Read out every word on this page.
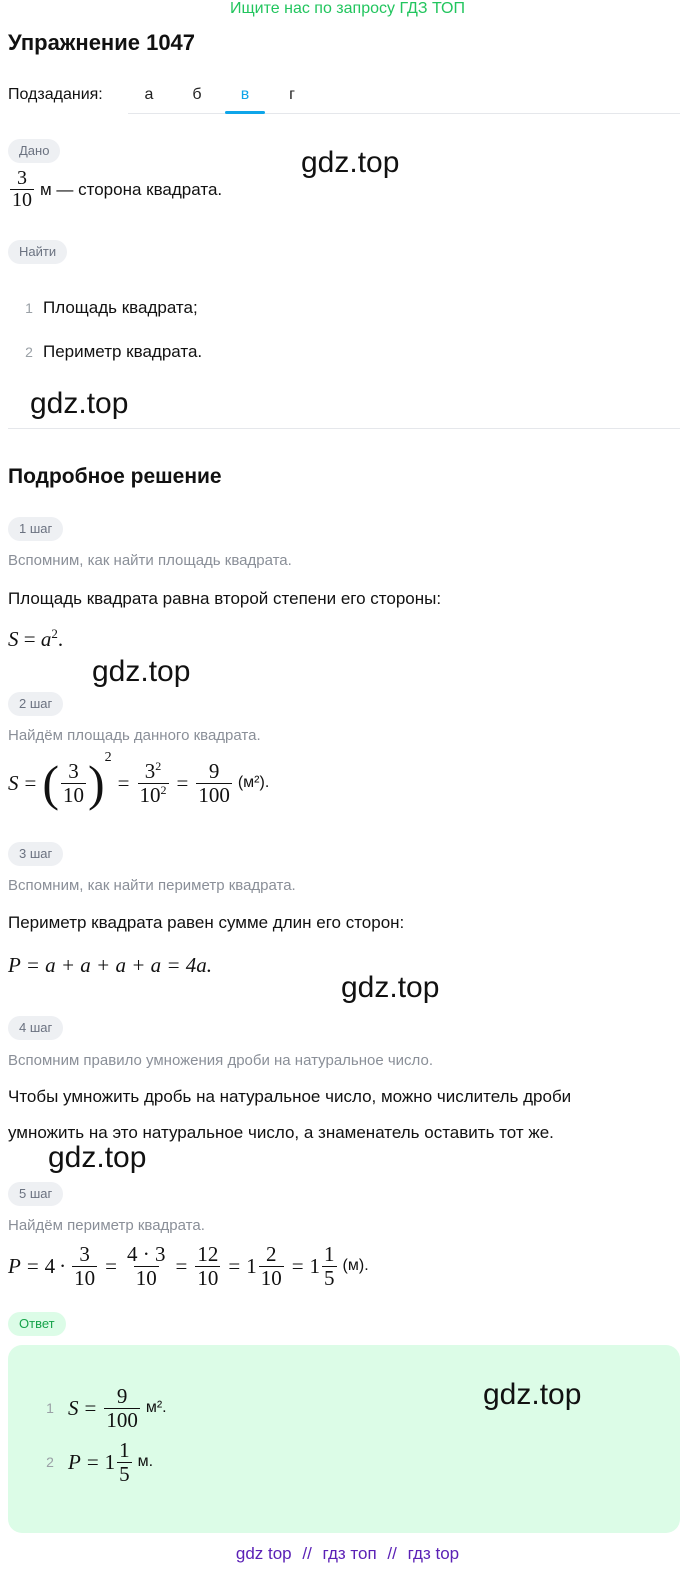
Ищите нас по запросу ГДЗ ТОП
Упражнение 1047
Подзадания:	а	б	в	г
Дано
$\frac{3}{10}$ м — сторона квадрата.
Найти
1 Площадь квадрата;
2 Периметр квадрата.
Подробное решение
1 шаг
Вспомним, как найти площадь квадрата.
Площадь квадрата равна второй степени его стороны:
$S = a^2$.
2 шаг
Найдём площадь данного квадрата.
S = ( $\frac{3}{10} )^2$
= $\frac{3^2}{10^2} = \frac{9}{100} (м^2)$.
3 шаг
Вспомним, как найти периметр квадрата.
Периметр квадрата равен сумме длин его сторон:
P = a + a + a + a = 4a.
4 шаг
Вспомним правило умножения дроби на натуральное число.
Чтобы умножить дробь на натуральное число, можно числитель дроби
умножить на это натуральное число, а знаменатель оставить тот же.
5 шаг
Найдём периметр квадрата.
$P = 4 \cdot \frac{3}{10} = \frac{4 \cdot 3}{10} = \frac{12}{10} = 1 \frac{2}{10} = 1 \frac{1}{5} (м)$.
Ответ
1 $S = \frac{9}{100} м^2$.
2 $P = 1 \frac{1}{5} м$.
gdz.top
gdz.top
gdz.top
gdz.top
gdz.top
gdz.top
gdz top // гдз топ // гдз top
